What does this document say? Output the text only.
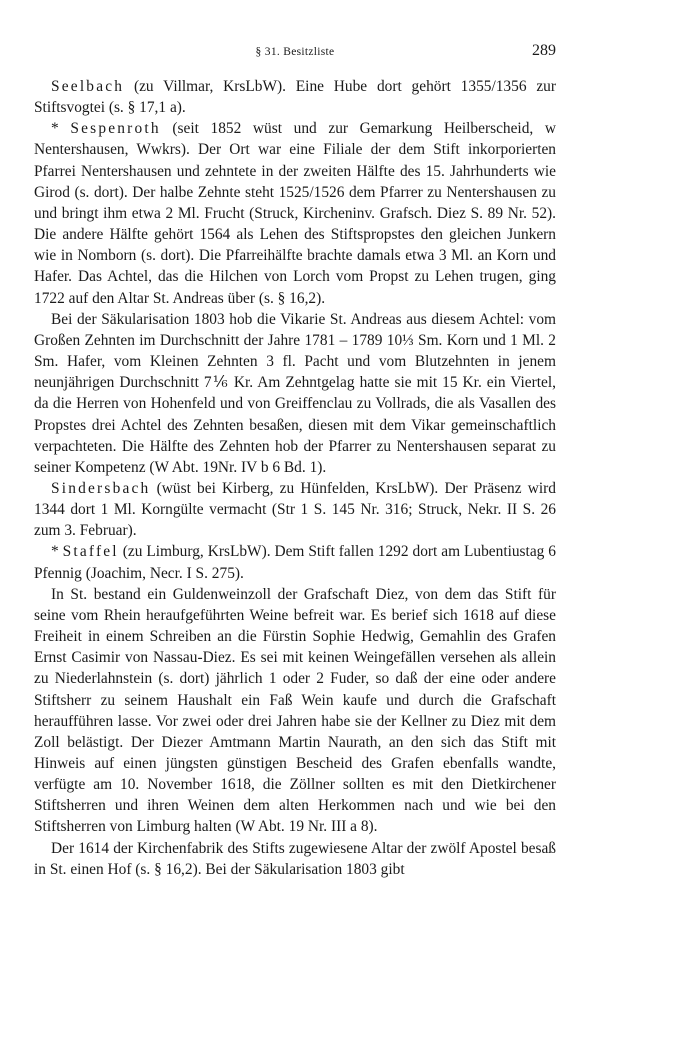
§ 31. Besitzliste	289

Seelbach (zu Villmar, KrsLbW). Eine Hube dort gehört 1355/1356 zur Stiftsvogtei (s. § 17,1 a).

* Sespenroth (seit 1852 wüst und zur Gemarkung Heilberscheid, w Nentershausen, Wwkrs). Der Ort war eine Filiale der dem Stift inkorporierten Pfarrei Nentershausen und zehntete in der zweiten Hälfte des 15. Jahrhunderts wie Girod (s. dort). Der halbe Zehnte steht 1525/1526 dem Pfarrer zu Nentershausen zu und bringt ihm etwa 2 Ml. Frucht (Struck, Kircheninv. Grafsch. Diez S. 89 Nr. 52). Die andere Hälfte gehört 1564 als Lehen des Stiftspropstes den gleichen Junkern wie in Nomborn (s. dort). Die Pfarreihälfte brachte damals etwa 3 Ml. an Korn und Hafer. Das Achtel, das die Hilchen von Lorch vom Propst zu Lehen trugen, ging 1722 auf den Altar St. Andreas über (s. § 16,2).

Bei der Säkularisation 1803 hob die Vikarie St. Andreas aus diesem Achtel: vom Großen Zehnten im Durchschnitt der Jahre 1781 – 1789 10⅓ Sm. Korn und 1 Ml. 2 Sm. Hafer, vom Kleinen Zehnten 3 fl. Pacht und vom Blutzehnten in jenem neunjährigen Durchschnitt 7⅙ Kr. Am Zehntgelag hatte sie mit 15 Kr. ein Viertel, da die Herren von Hohenfeld und von Greiffenclau zu Vollrads, die als Vasallen des Propstes drei Achtel des Zehnten besaßen, diesen mit dem Vikar gemeinschaftlich verpachteten. Die Hälfte des Zehnten hob der Pfarrer zu Nentershausen separat zu seiner Kompetenz (W Abt. 19Nr. IV b 6 Bd. 1).

Sindersbach (wüst bei Kirberg, zu Hünfelden, KrsLbW). Der Präsenz wird 1344 dort 1 Ml. Korngülte vermacht (Str 1 S. 145 Nr. 316; Struck, Nekr. II S. 26 zum 3. Februar).

* Staffel (zu Limburg, KrsLbW). Dem Stift fallen 1292 dort am Lubentiustag 6 Pfennig (Joachim, Necr. I S. 275).

In St. bestand ein Guldenweinzoll der Grafschaft Diez, von dem das Stift für seine vom Rhein heraufgeführten Weine befreit war. Es berief sich 1618 auf diese Freiheit in einem Schreiben an die Fürstin Sophie Hedwig, Gemahlin des Grafen Ernst Casimir von Nassau-Diez. Es sei mit keinen Weingefällen versehen als allein zu Niederlahnstein (s. dort) jährlich 1 oder 2 Fuder, so daß der eine oder andere Stiftsherr zu seinem Haushalt ein Faß Wein kaufe und durch die Grafschaft heraufführen lasse. Vor zwei oder drei Jahren habe sie der Kellner zu Diez mit dem Zoll belästigt. Der Diezer Amtmann Martin Naurath, an den sich das Stift mit Hinweis auf einen jüngsten günstigen Bescheid des Grafen ebenfalls wandte, verfügte am 10. November 1618, die Zöllner sollten es mit den Dietkirchener Stiftsherren und ihren Weinen dem alten Herkommen nach und wie bei den Stiftsherren von Limburg halten (W Abt. 19 Nr. III a 8).

Der 1614 der Kirchenfabrik des Stifts zugewiesene Altar der zwölf Apostel besaß in St. einen Hof (s. § 16,2). Bei der Säkularisation 1803 gibt
